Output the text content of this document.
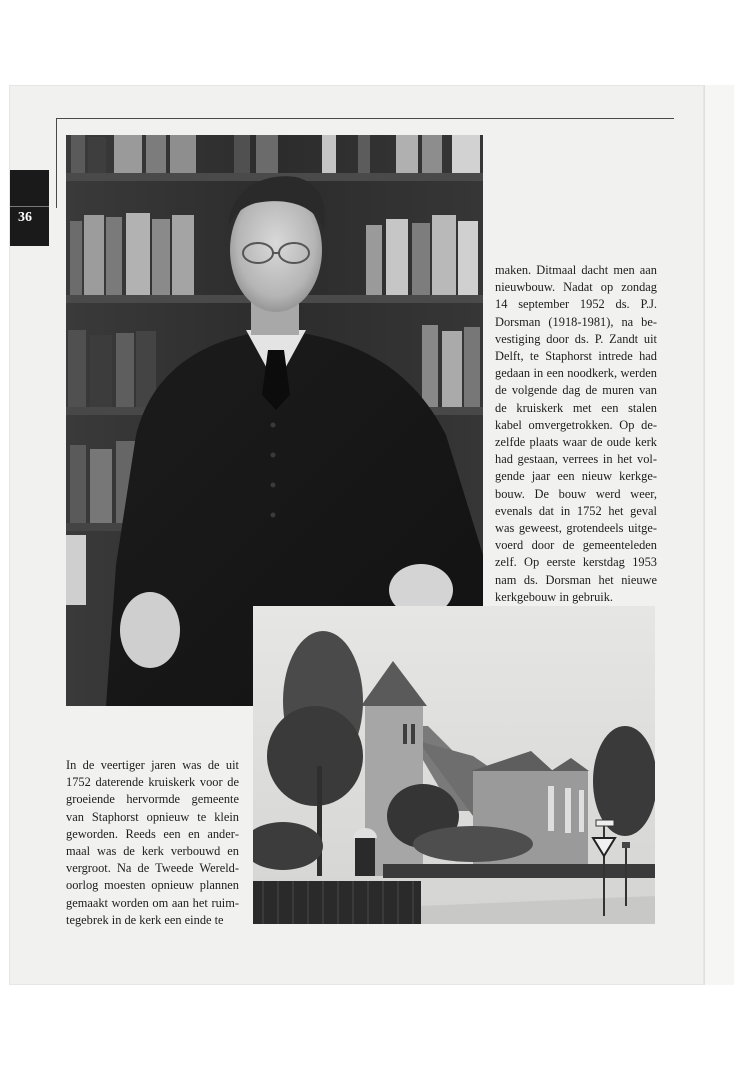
36
maken. Ditmaal dacht men aan nieuwbouw. Nadat op zondag 14 september 1952 ds. P.J. Dorsman (1918-1981), na bevestiging door ds. P. Zandt uit Delft, te Staphorst intrede had gedaan in een noodkerk, werden de volgende dag de muren van de kruiskerk met een stalen kabel omvergetrokken. Op dezelfde plaats waar de oude kerk had gestaan, verrees in het volgende jaar een nieuw kerkgebouw. De bouw werd weer, evenals dat in 1752 het geval was geweest, grotendeels uitgevoerd door de gemeenteleden zelf. Op eerste kerstdag 1953 nam ds. Dorsman het nieuwe kerkgebouw in gebruik.
In de veertiger jaren was de uit 1752 daterende kruiskerk voor de groeiende hervormde gemeente van Staphorst opnieuw te klein geworden. Reeds een en andermaal was de kerk verbouwd en vergroot. Na de Tweede Wereldoorlog moesten opnieuw plannen gemaakt worden om aan het ruimtegebrek in de kerk een einde te
